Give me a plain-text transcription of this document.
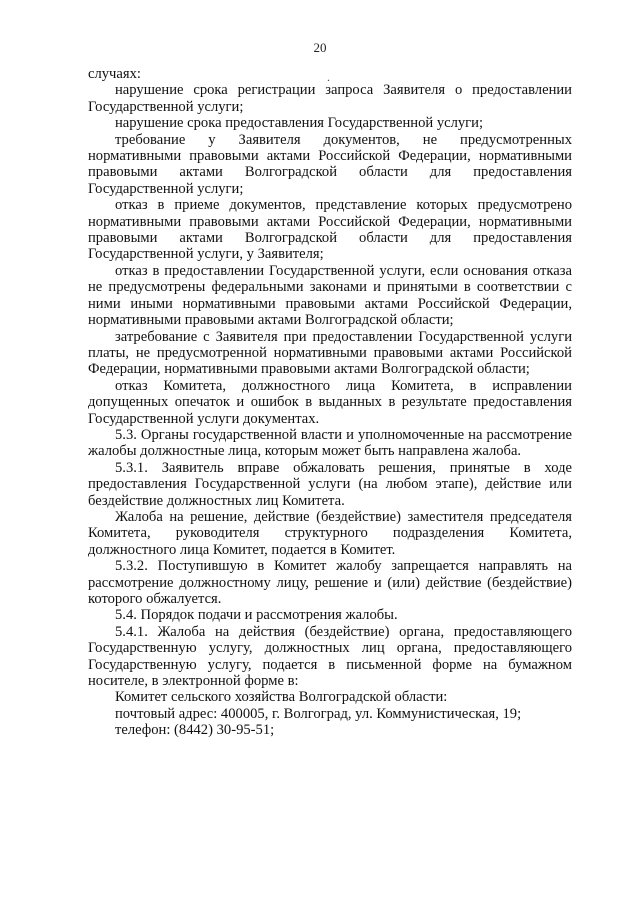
20
.

случаях:

нарушение срока регистрации запроса Заявителя о предоставлении Государственной услуги;

нарушение срока предоставления Государственной услуги;

требование у Заявителя документов, не предусмотренных нормативными правовыми актами Российской Федерации, нормативными правовыми актами Волгоградской области для предоставления Государственной услуги;

отказ в приеме документов, представление которых предусмотрено нормативными правовыми актами Российской Федерации, нормативными правовыми актами Волгоградской области для предоставления Государственной услуги, у Заявителя;

отказ в предоставлении Государственной услуги, если основания отказа не предусмотрены федеральными законами и принятыми в соответствии с ними иными нормативными правовыми актами Российской Федерации, нормативными правовыми актами Волгоградской области;

затребование с Заявителя при предоставлении Государственной услуги платы, не предусмотренной нормативными правовыми актами Российской Федерации, нормативными правовыми актами Волгоградской области;

отказ Комитета, должностного лица Комитета, в исправлении допущенных опечаток и ошибок в выданных в результате предоставления Государственной услуги документах.

5.3. Органы государственной власти и уполномоченные на рассмотрение жалобы должностные лица, которым может быть направлена жалоба.

5.3.1. Заявитель вправе обжаловать решения, принятые в ходе предоставления Государственной услуги (на любом этапе), действие или бездействие должностных лиц Комитета.

Жалоба на решение, действие (бездействие) заместителя председателя Комитета, руководителя структурного подразделения Комитета, должностного лица Комитет, подается в Комитет.

5.3.2. Поступившую в Комитет жалобу запрещается направлять на рассмотрение должностному лицу, решение и (или) действие (бездействие) которого обжалуется.

5.4. Порядок подачи и рассмотрения жалобы.

5.4.1. Жалоба на действия (бездействие) органа, предоставляющего Государственную услугу, должностных лиц органа, предоставляющего Государственную услугу, подается в письменной форме на бумажном носителе, в электронной форме в:

Комитет сельского хозяйства Волгоградской области:

почтовый адрес: 400005, г. Волгоград, ул. Коммунистическая, 19;

телефон: (8442) 30-95-51;
